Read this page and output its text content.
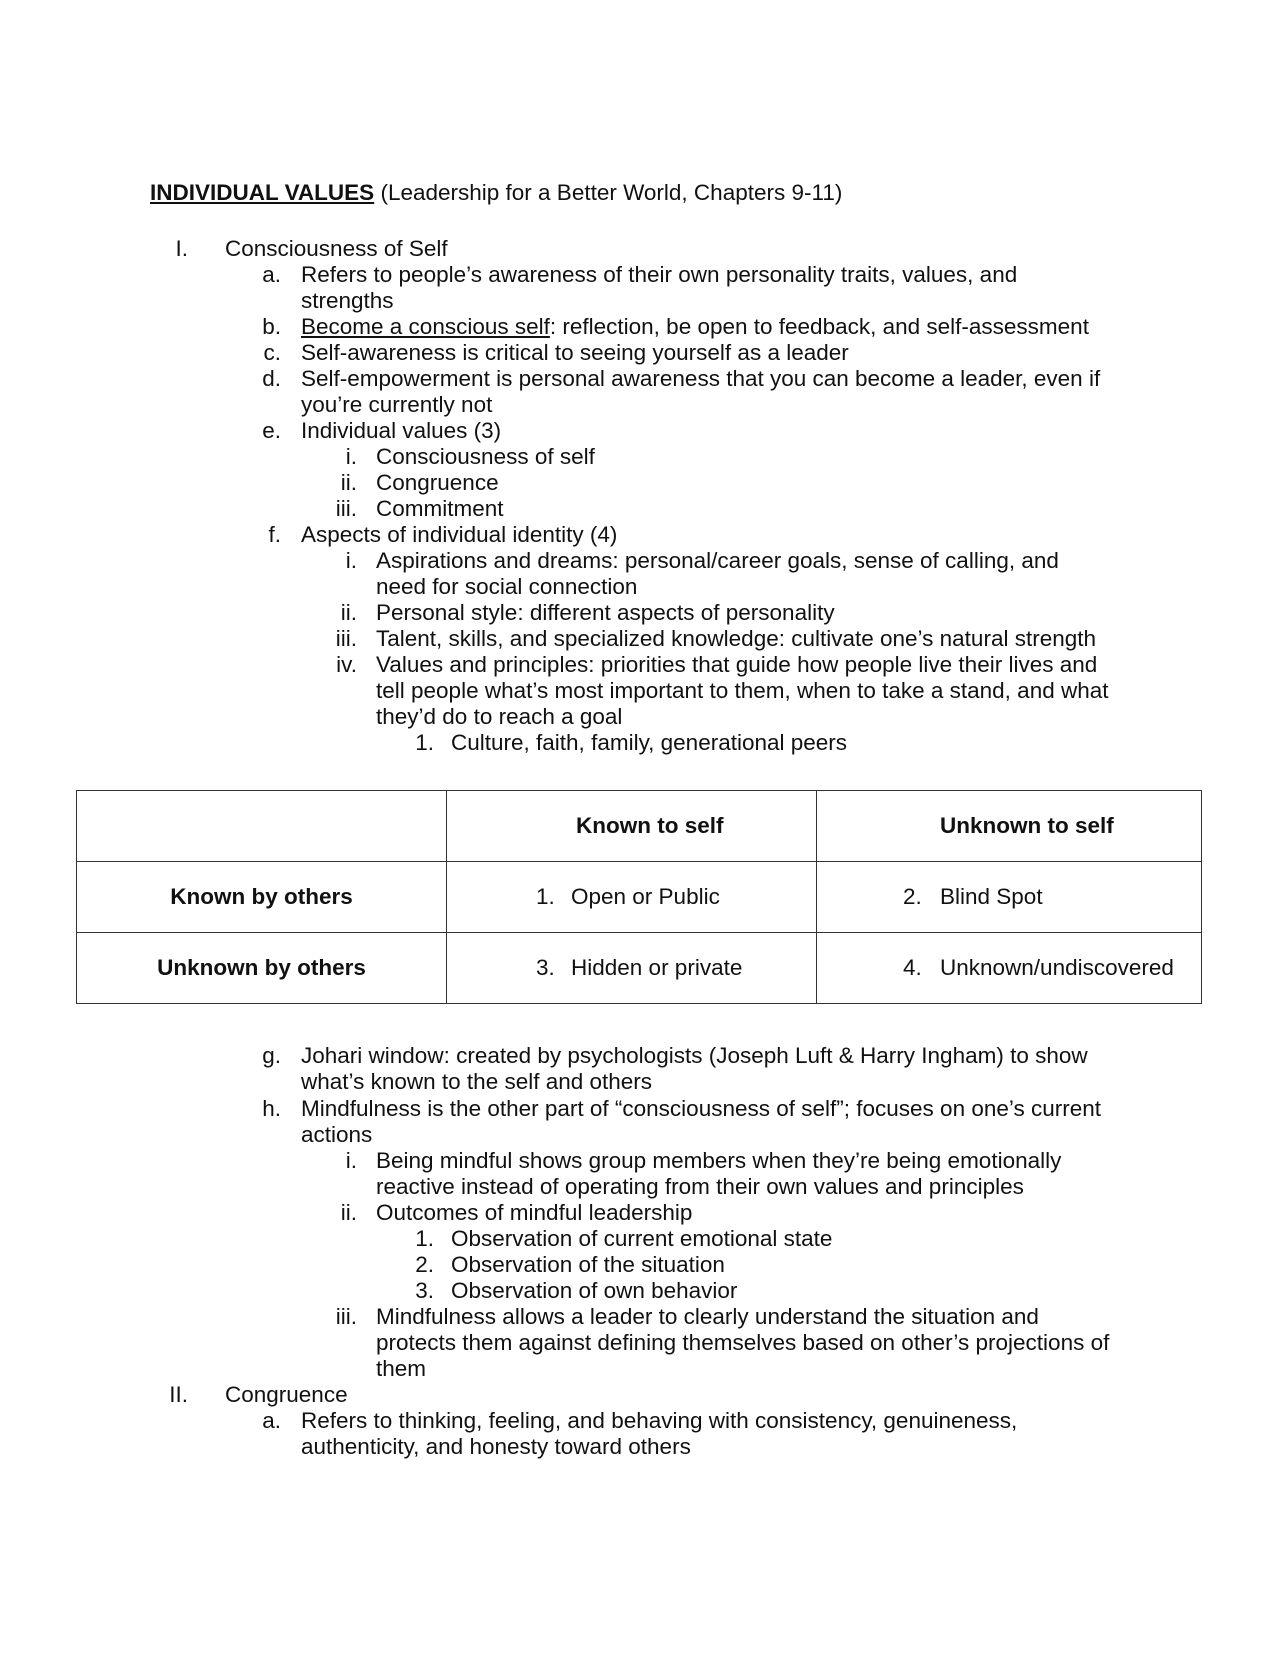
INDIVIDUAL VALUES (Leadership for a Better World, Chapters 9-11)
I. Consciousness of Self
a. Refers to people’s awareness of their own personality traits, values, and
strengths
b. Become a conscious self: reflection, be open to feedback, and self-assessment
c. Self-awareness is critical to seeing yourself as a leader
d. Self-empowerment is personal awareness that you can become a leader, even if
you’re currently not
e. Individual values (3)
i. Consciousness of self
ii. Congruence
iii. Commitment
f. Aspects of individual identity (4)
i. Aspirations and dreams: personal/career goals, sense of calling, and
need for social connection
ii. Personal style: different aspects of personality
iii. Talent, skills, and specialized knowledge: cultivate one’s natural strength
iv. Values and principles: priorities that guide how people live their lives and
tell people what’s most important to them, when to take a stand, and what
they’d do to reach a goal
1. Culture, faith, family, generational peers

	Known to self	Unknown to self

Known by others	1. Open or Public	2. Blind Spot

Unknown by others	3. Hidden or private	4. Unknown/undiscovered
g. Johari window: created by psychologists (Joseph Luft & Harry Ingham) to show
what’s known to the self and others
h. Mindfulness is the other part of “consciousness of self”; focuses on one’s current
actions
i. Being mindful shows group members when they’re being emotionally
reactive instead of operating from their own values and principles
ii. Outcomes of mindful leadership
1. Observation of current emotional state
2. Observation of the situation
3. Observation of own behavior
iii. Mindfulness allows a leader to clearly understand the situation and
protects them against defining themselves based on other’s projections of
them
II. Congruence
a. Refers to thinking, feeling, and behaving with consistency, genuineness,
authenticity, and honesty toward others
